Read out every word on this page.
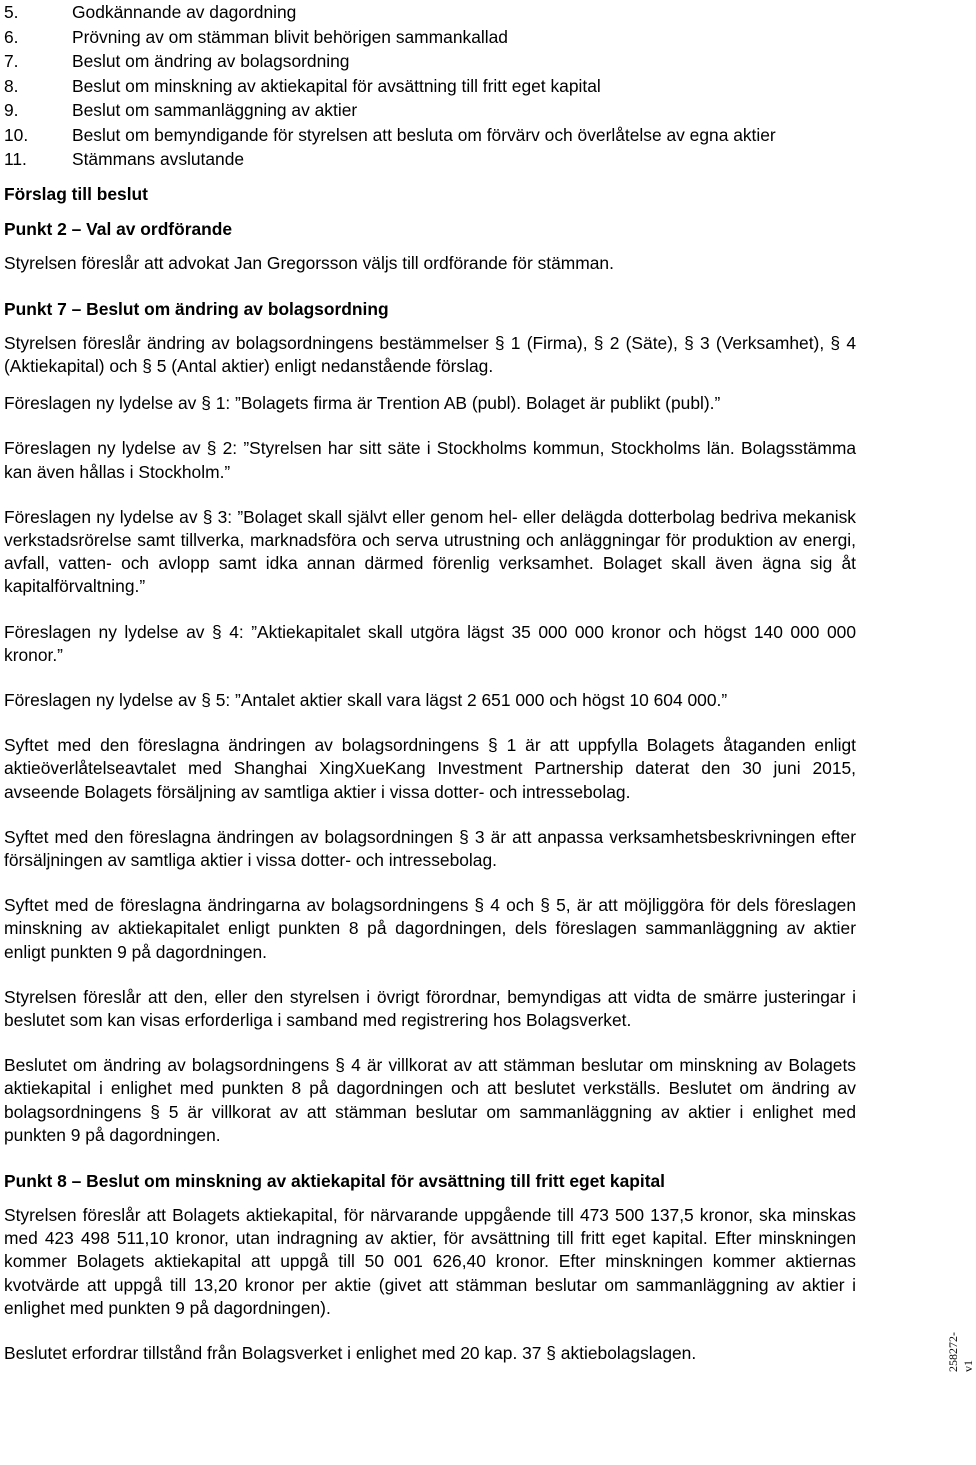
5.	Godkännande av dagordning
6.	Prövning av om stämman blivit behörigen sammankallad
7.	Beslut om ändring av bolagsordning
8.	Beslut om minskning av aktiekapital för avsättning till fritt eget kapital
9.	Beslut om sammanläggning av aktier
10.	Beslut om bemyndigande för styrelsen att besluta om förvärv och överlåtelse av egna aktier
11.	Stämmans avslutande
Förslag till beslut
Punkt 2 – Val av ordförande

Styrelsen föreslår att advokat Jan Gregorsson väljs till ordförande för stämman.

Punkt 7 – Beslut om ändring av bolagsordning

Styrelsen föreslår ändring av bolagsordningens bestämmelser § 1 (Firma), § 2 (Säte), § 3 (Verksamhet), § 4 (Aktiekapital) och § 5 (Antal aktier) enligt nedanstående förslag.

Föreslagen ny lydelse av § 1: ”Bolagets firma är Trention AB (publ). Bolaget är publikt (publ).”

Föreslagen ny lydelse av § 2: ”Styrelsen har sitt säte i Stockholms kommun, Stockholms län. Bolagsstämma kan även hållas i Stockholm.”

Föreslagen ny lydelse av § 3: ”Bolaget skall självt eller genom hel- eller delägda dotterbolag bedriva mekanisk verkstadsrörelse samt tillverka, marknadsföra och serva utrustning och anläggningar för produktion av energi, avfall, vatten- och avlopp samt idka annan därmed förenlig verksamhet. Bolaget skall även ägna sig åt kapitalförvaltning.”

Föreslagen ny lydelse av § 4: ”Aktiekapitalet skall utgöra lägst 35 000 000 kronor och högst 140 000 000 kronor.”

Föreslagen ny lydelse av § 5: ”Antalet aktier skall vara lägst 2 651 000 och högst 10 604 000.”

Syftet med den föreslagna ändringen av bolagsordningens § 1 är att uppfylla Bolagets åtaganden enligt aktieöverlåtelseavtalet med Shanghai XingXueKang Investment Partnership daterat den 30 juni 2015, avseende Bolagets försäljning av samtliga aktier i vissa dotter- och intressebolag.

Syftet med den föreslagna ändringen av bolagsordningen § 3 är att anpassa verksamhetsbeskrivningen efter försäljningen av samtliga aktier i vissa dotter- och intressebolag.

Syftet med de föreslagna ändringarna av bolagsordningens § 4 och § 5, är att möjliggöra för dels föreslagen minskning av aktiekapitalet enligt punkten 8 på dagordningen, dels föreslagen sammanläggning av aktier enligt punkten 9 på dagordningen.

Styrelsen föreslår att den, eller den styrelsen i övrigt förordnar, bemyndigas att vidta de smärre justeringar i beslutet som kan visas erforderliga i samband med registrering hos Bolagsverket.

Beslutet om ändring av bolagsordningens § 4 är villkorat av att stämman beslutar om minskning av Bolagets aktiekapital i enlighet med punkten 8 på dagordningen och att beslutet verkställs. Beslutet om ändring av bolagsordningens § 5 är villkorat av att stämman beslutar om sammanläggning av aktier i enlighet med punkten 9 på dagordningen.

Punkt 8 – Beslut om minskning av aktiekapital för avsättning till fritt eget kapital

Styrelsen föreslår att Bolagets aktiekapital, för närvarande uppgående till 473 500 137,5 kronor, ska minskas med 423 498 511,10 kronor, utan indragning av aktier, för avsättning till fritt eget kapital. Efter minskningen kommer Bolagets aktiekapital att uppgå till 50 001 626,40 kronor. Efter minskningen kommer aktiernas kvotvärde att uppgå till 13,20 kronor per aktie (givet att stämman beslutar om sammanläggning av aktier i enlighet med punkten 9 på dagordningen).

Beslutet erfordrar tillstånd från Bolagsverket i enlighet med 20 kap. 37 § aktiebolagslagen.	258272-v1
